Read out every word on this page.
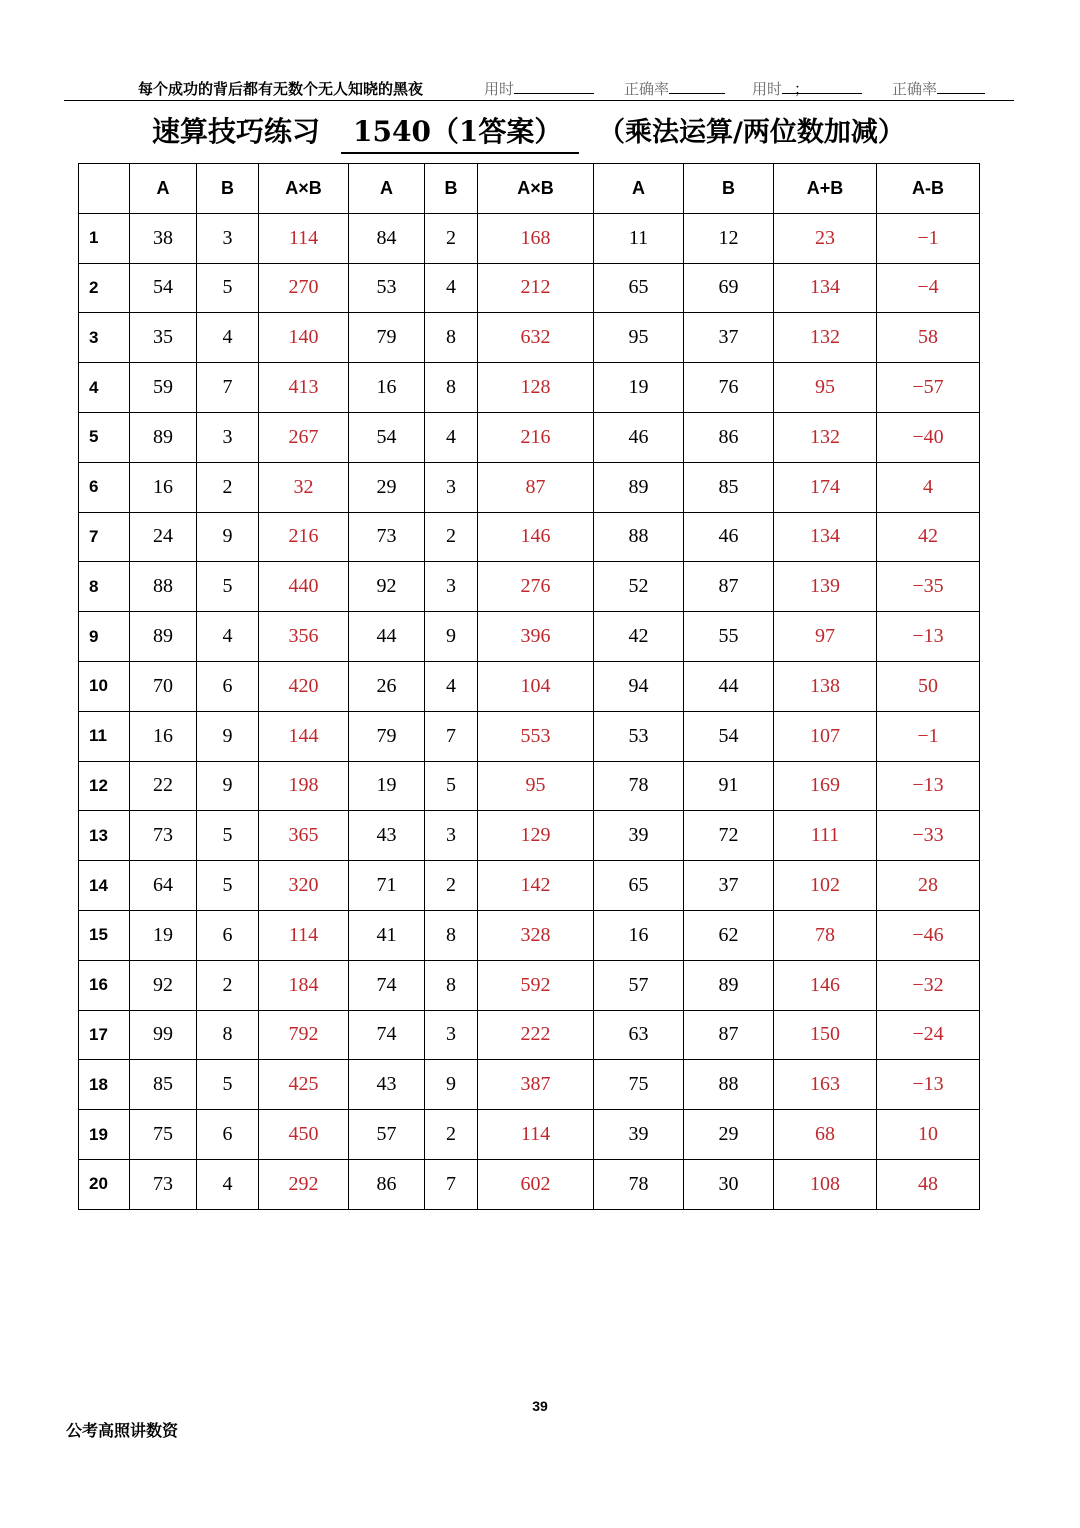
每个成功的背后都有无数个无人知晓的黑夜	用时	正确率	；
用时	正确率
速算技巧练习	1540（1答案）	（乘法运算/两位数加减）
	A	B	A×B	A	B	A×B	A	B	A+B	A-B
1	38	3	114	84	2	168	11	12	23	−1
2	54	5	270	53	4	212	65	69	134	−4
3	35	4	140	79	8	632	95	37	132	58
4	59	7	413	16	8	128	19	76	95	−57
5	89	3	267	54	4	216	46	86	132	−40
6	16	2	32	29	3	87	89	85	174	4
7	24	9	216	73	2	146	88	46	134	42
8	88	5	440	92	3	276	52	87	139	−35
9	89	4	356	44	9	396	42	55	97	−13
10	70	6	420	26	4	104	94	44	138	50
11	16	9	144	79	7	553	53	54	107	−1
12	22	9	198	19	5	95	78	91	169	−13
13	73	5	365	43	3	129	39	72	111	−33
14	64	5	320	71	2	142	65	37	102	28
15	19	6	114	41	8	328	16	62	78	−46
16	92	2	184	74	8	592	57	89	146	−32
17	99	8	792	74	3	222	63	87	150	−24
18	85	5	425	43	9	387	75	88	163	−13
19	75	6	450	57	2	114	39	29	68	10
20	73	4	292	86	7	602	78	30	108	48
39
公考高照讲数资
